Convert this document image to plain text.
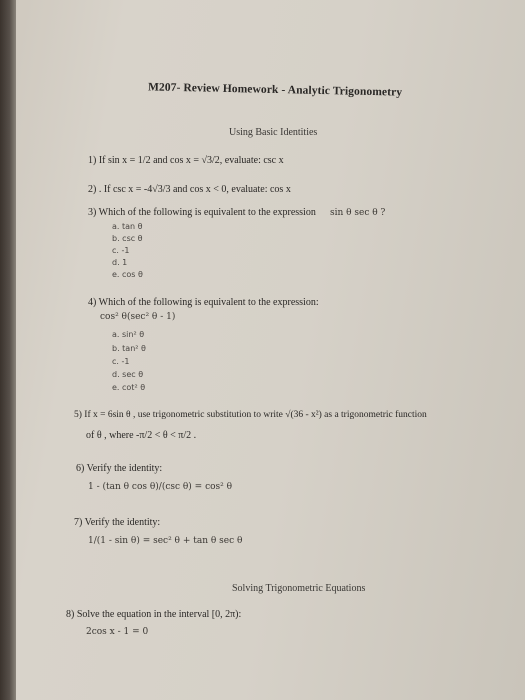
M207- Review Homework - Analytic Trigonometry
Using Basic Identities
1) If sin x = 1/2 and cos x = √3/2, evaluate: csc x
2) . If csc x = -4√3/3 and cos x < 0, evaluate: cos x
3) Which of the following is equivalent to the expression sin θ sec θ ?
a. tan θ
b. csc θ
c. -1
d. 1
e. cos θ
4) Which of the following is equivalent to the expression:
cos² θ(sec² θ - 1)
a. sin² θ
b. tan² θ
c. -1
d. sec θ
e. cot² θ
5) If x = 6sin θ , use trigonometric substitution to write √(36 - x²) as a trigonometric function
of θ , where -π/2 < θ < π/2 .
6) Verify the identity:
1 - (tan θ cos θ)/(csc θ) = cos² θ
7) Verify the identity:
1/(1 - sin θ) = sec² θ + tan θ sec θ
Solving Trigonometric Equations
8) Solve the equation in the interval [0, 2π):
2cos x - 1 = 0
